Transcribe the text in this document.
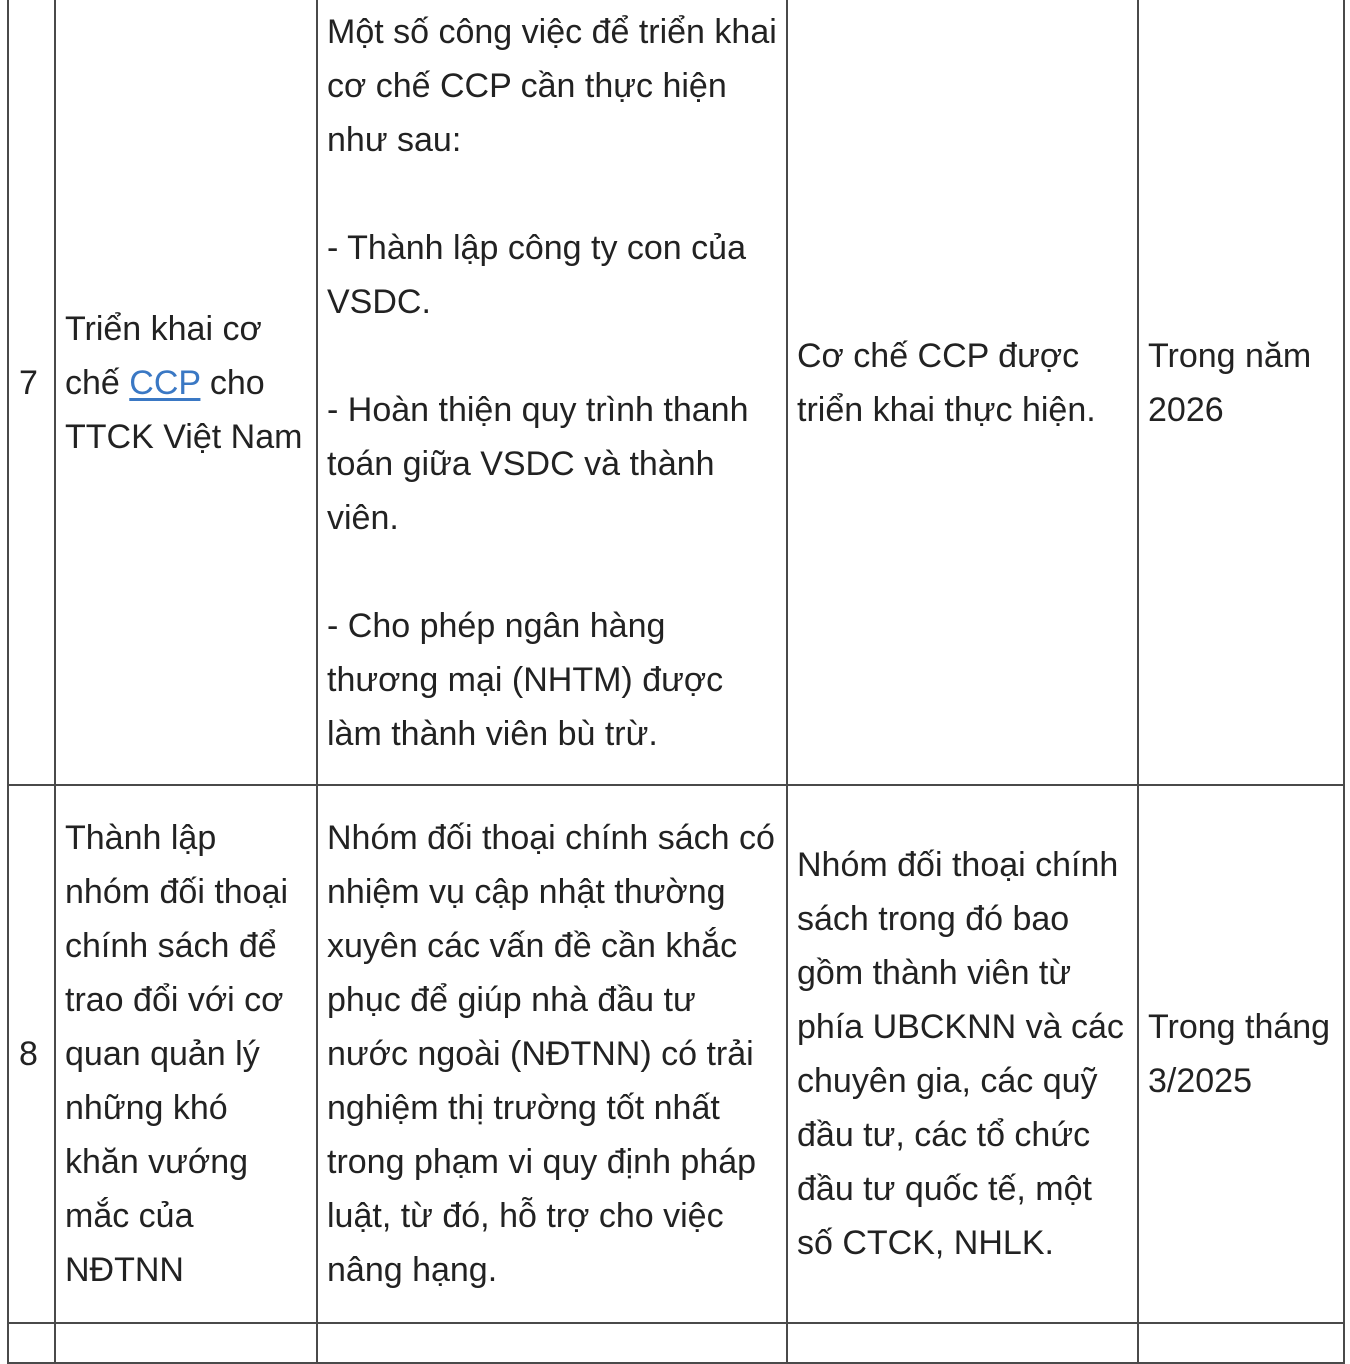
7	Triển khai cơ chế CCP cho TTCK Việt Nam	Một số công việc để triển khai cơ chế CCP cần thực hiện như sau:
- Thành lập công ty con của VSDC.
- Hoàn thiện quy trình thanh toán giữa VSDC và thành viên.
- Cho phép ngân hàng thương mại (NHTM) được làm thành viên bù trừ.	Cơ chế CCP được triển khai thực hiện.	Trong năm 2026
8	Thành lập nhóm đối thoại chính sách để trao đổi với cơ quan quản lý những khó khăn vướng mắc của NĐTNN	Nhóm đối thoại chính sách có nhiệm vụ cập nhật thường xuyên các vấn đề cần khắc phục để giúp nhà đầu tư nước ngoài (NĐTNN) có trải nghiệm thị trường tốt nhất trong phạm vi quy định pháp luật, từ đó, hỗ trợ cho việc nâng hạng.	Nhóm đối thoại chính sách trong đó bao gồm thành viên từ phía UBCKNN và các chuyên gia, các quỹ đầu tư, các tổ chức đầu tư quốc tế, một số CTCK, NHLK.	Trong tháng 3/2025
